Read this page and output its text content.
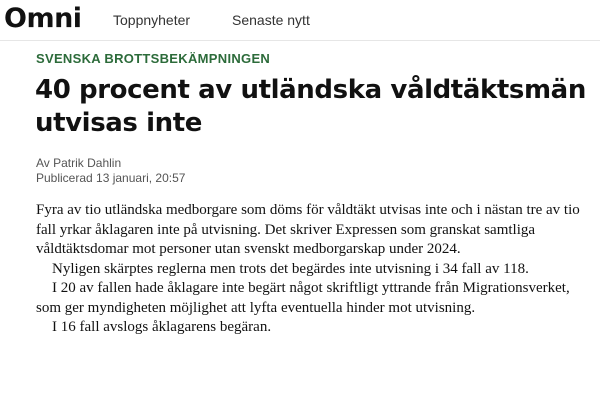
Omni Toppnyheter	Senaste nytt
SVENSKA BROTTSBEKÄMPNINGEN
40 procent av utländska våldtäktsmän utvisas inte
Av Patrik Dahlin
Publicerad 13 januari, 20:57

Fyra av tio utländska medborgare som döms för våldtäkt utvisas inte och i nästan tre av tio fall yrkar åklagaren inte på utvisning. Det skriver Expressen som granskat samtliga våldtäktsdomar mot personer utan svenskt medborgarskap under 2024.

Nyligen skärptes reglerna men trots det begärdes inte utvisning i 34 fall av 118.

I 20 av fallen hade åklagare inte begärt något skriftligt yttrande från Migrationsverket, som ger myndigheten möjlighet att lyfta eventuella hinder mot utvisning.

I 16 fall avslogs åklagarens begäran.
